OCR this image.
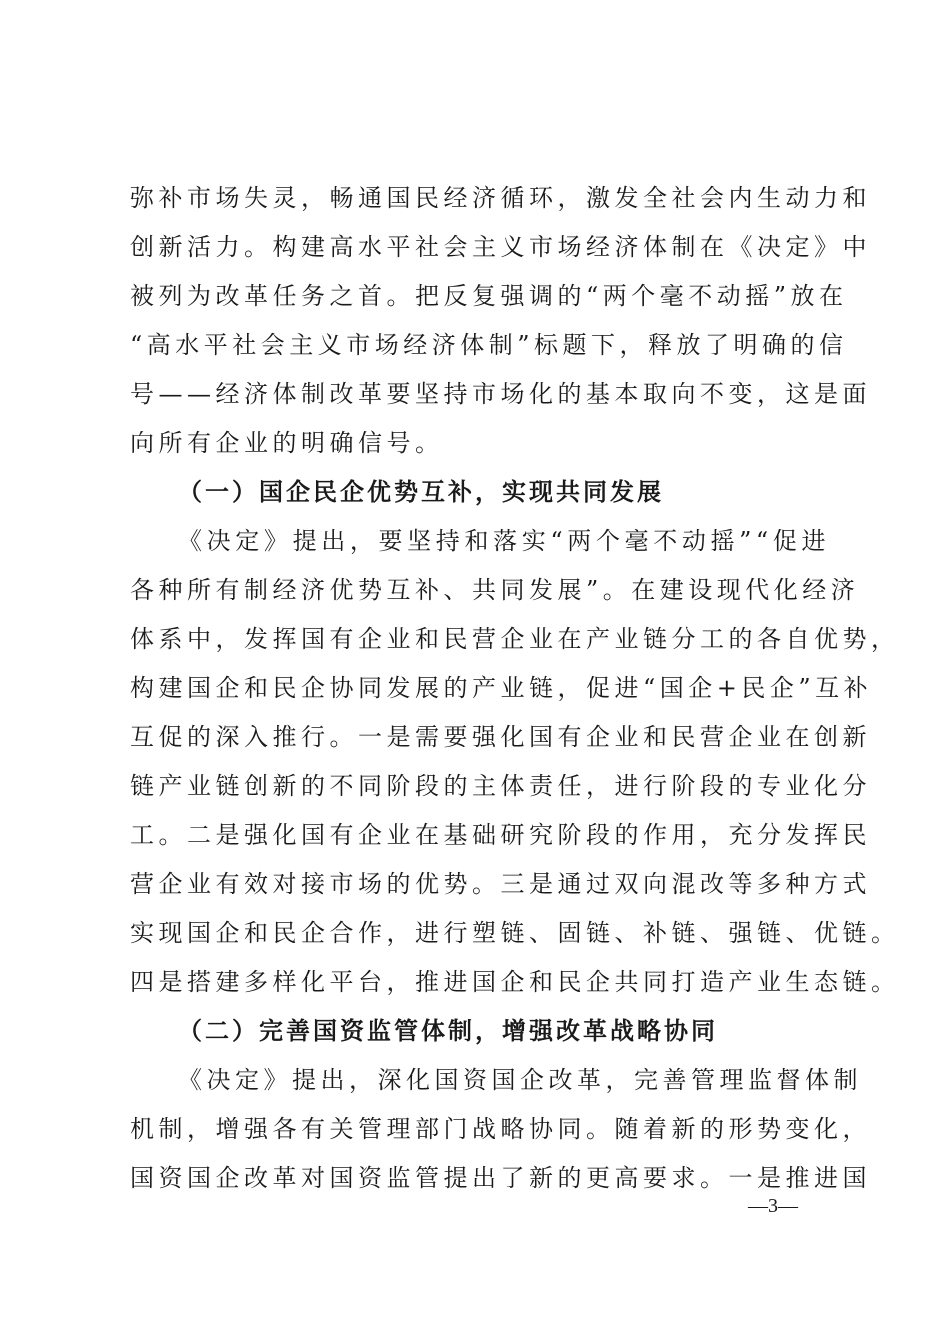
弥补市场失灵，畅通国民经济循环，激发全社会内生动力和
创新活力。构建高水平社会主义市场经济体制在《决定》中
被列为改革任务之首。把反复强调的“两个毫不动摇”放在
“高水平社会主义市场经济体制”标题下，释放了明确的信
号——经济体制改革要坚持市场化的基本取向不变，这是面
向所有企业的明确信号。
（一）国企民企优势互补，实现共同发展
《决定》提出，要坚持和落实“两个毫不动摇”“促进
各种所有制经济优势互补、共同发展”。在建设现代化经济
体系中，发挥国有企业和民营企业在产业链分工的各自优势，
构建国企和民企协同发展的产业链，促进“国企+民企”互补
互促的深入推行。一是需要强化国有企业和民营企业在创新
链产业链创新的不同阶段的主体责任，进行阶段的专业化分
工。二是强化国有企业在基础研究阶段的作用，充分发挥民
营企业有效对接市场的优势。三是通过双向混改等多种方式
实现国企和民企合作，进行塑链、固链、补链、强链、优链。
四是搭建多样化平台，推进国企和民企共同打造产业生态链。
（二）完善国资监管体制，增强改革战略协同
《决定》提出，深化国资国企改革，完善管理监督体制
机制，增强各有关管理部门战略协同。随着新的形势变化，
国资国企改革对国资监管提出了新的更高要求。一是推进国
—3—
